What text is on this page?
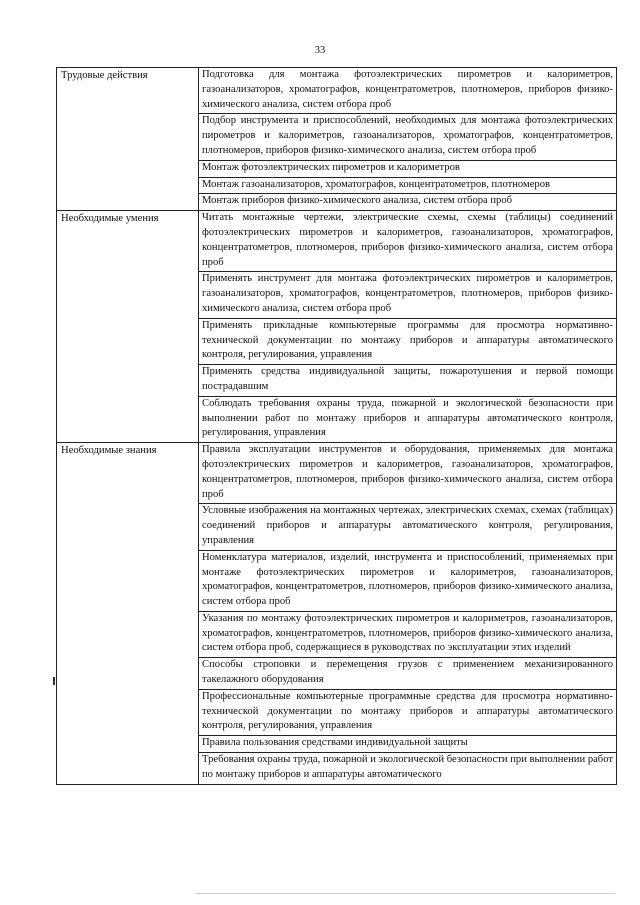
33
Трудовые действия	Подготовка для монтажа фотоэлектрических пирометров и калориметров, газоанализаторов, хроматографов, концентратометров, плотномеров, приборов физико-химического анализа, систем отбора проб
	Подбор инструмента и приспособлений, необходимых для монтажа фотоэлектрических пирометров и калориметров, газоанализаторов, хроматографов, концентратометров, плотномеров, приборов физико-химического анализа, систем отбора проб
	Монтаж фотоэлектрических пирометров и калориметров
	Монтаж газоанализаторов, хроматографов, концентратометров, плотномеров
	Монтаж приборов физико-химического анализа, систем отбора проб
Необходимые умения	Читать монтажные чертежи, электрические схемы, схемы (таблицы) соединений фотоэлектрических пирометров и калориметров, газоанализаторов, хроматографов, концентратометров, плотномеров, приборов физико-химического анализа, систем отбора проб
	Применять инструмент для монтажа фотоэлектрических пирометров и калориметров, газоанализаторов, хроматографов, концентратометров, плотномеров, приборов физико-химического анализа, систем отбора проб
	Применять прикладные компьютерные программы для просмотра нормативно-технической документации по монтажу приборов и аппаратуры автоматического контроля, регулирования, управления
	Применять средства индивидуальной защиты, пожаротушения и первой помощи пострадавшим
	Соблюдать требования охраны труда, пожарной и экологической безопасности при выполнении работ по монтажу приборов и аппаратуры автоматического контроля, регулирования, управления
Необходимые знания	Правила эксплуатации инструментов и оборудования, применяемых для монтажа фотоэлектрических пирометров и калориметров, газоанализаторов, хроматографов, концентратометров, плотномеров, приборов физико-химического анализа, систем отбора проб
	Условные изображения на монтажных чертежах, электрических схемах, схемах (таблицах) соединений приборов и аппаратуры автоматического контроля, регулирования, управления
	Номенклатура материалов, изделий, инструмента и приспособлений, применяемых при монтаже фотоэлектрических пирометров и калориметров, газоанализаторов, хроматографов, концентратометров, плотномеров, приборов физико-химического анализа, систем отбора проб
	Указания по монтажу фотоэлектрических пирометров и калориметров, газоанализаторов, хроматографов, концентратометров, плотномеров, приборов физико-химического анализа, систем отбора проб, содержащиеся в руководствах по эксплуатации этих изделий
	Способы строповки и перемещения грузов с применением механизированного такелажного оборудования
	Профессиональные компьютерные программные средства для просмотра нормативно-технической документации по монтажу приборов и аппаратуры автоматического контроля, регулирования, управления
	Правила пользования средствами индивидуальной защиты
	Требования охраны труда, пожарной и экологической безопасности при выполнении работ по монтажу приборов и аппаратуры автоматического
